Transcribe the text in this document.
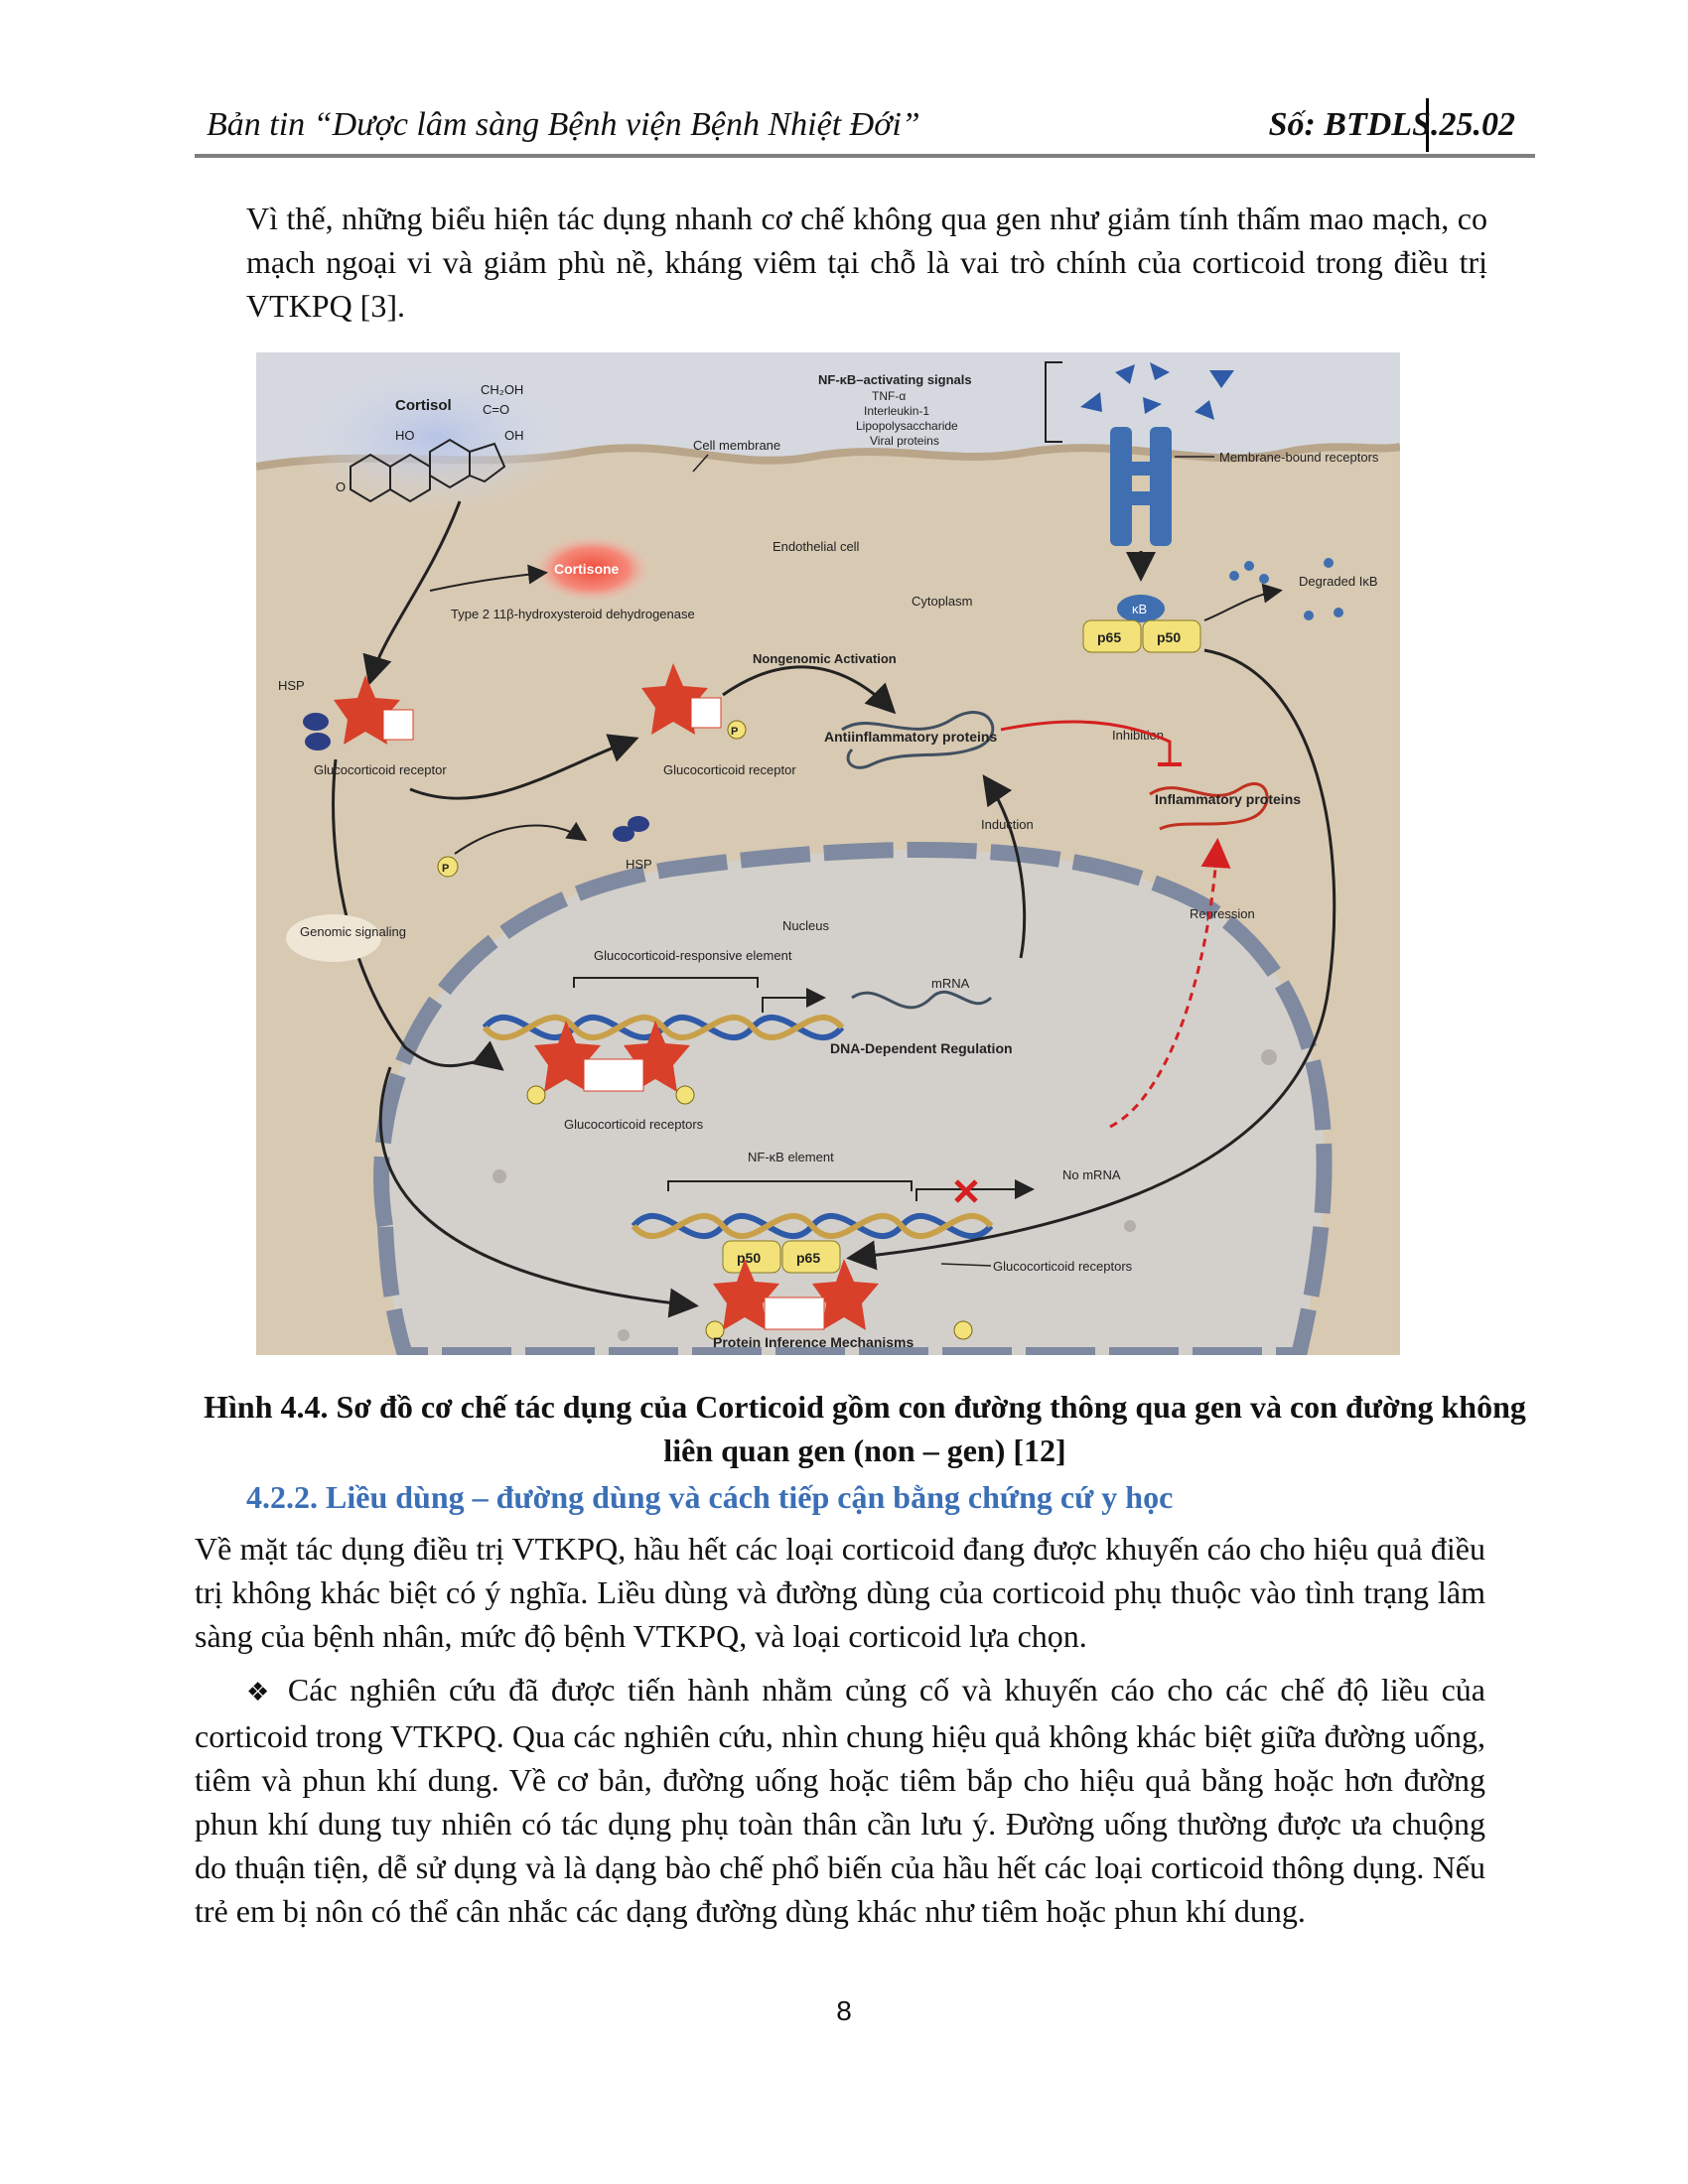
Bản tin “Dược lâm sàng Bệnh viện Bệnh Nhiệt Đới”	Số: BTDLS.25.02
Vì thế, những biểu hiện tác dụng nhanh cơ chế không qua gen như giảm tính thấm mao mạch, co mạch ngoại vi và giảm phù nề, kháng viêm tại chỗ là vai trò chính của corticoid trong điều trị VTKPQ [3].
Cortisol
CH₂OH
C=O
HO	OH
O
Cell membrane
Cortisone
Type 2 11β-hydroxysteroid dehydrogenase
Endothelial cell
Cytoplasm
NF-κB–activating signals
TNF-α
Interleukin-1
Lipopolysaccharide
Viral proteins
Membrane-bound receptors
κB
p65	p50
Degraded IκB
HSP
Glucocorticoid receptor
P
Glucocorticoid receptor
Nongenomic Activation
P	HSP
Antiinflammatory proteins	Inhibition
Inflammatory proteins
Induction
Repression
Genomic signaling	Nucleus
Glucocorticoid-responsive element
mRNA
DNA-Dependent Regulation
Glucocorticoid receptors
NF-κB element
No mRNA
p50	p65
Glucocorticoid receptors
Protein Inference Mechanisms
Hình 4.4. Sơ đồ cơ chế tác dụng của Corticoid gồm con đường thông qua gen và con đường không liên quan gen (non – gen) [12]
4.2.2. Liều dùng – đường dùng và cách tiếp cận bằng chứng cứ y học
Về mặt tác dụng điều trị VTKPQ, hầu hết các loại corticoid đang được khuyến cáo cho hiệu quả điều trị không khác biệt có ý nghĩa. Liều dùng và đường dùng của corticoid phụ thuộc vào tình trạng lâm sàng của bệnh nhân, mức độ bệnh VTKPQ, và loại corticoid lựa chọn.
❖ Các nghiên cứu đã được tiến hành nhằm củng cố và khuyến cáo cho các chế độ liều của corticoid trong VTKPQ. Qua các nghiên cứu, nhìn chung hiệu quả không khác biệt giữa đường uống, tiêm và phun khí dung. Về cơ bản, đường uống hoặc tiêm bắp cho hiệu quả bằng hoặc hơn đường phun khí dung tuy nhiên có tác dụng phụ toàn thân cần lưu ý. Đường uống thường được ưa chuộng do thuận tiện, dễ sử dụng và là dạng bào chế phổ biến của hầu hết các loại corticoid thông dụng. Nếu trẻ em bị nôn có thể cân nhắc các dạng đường dùng khác như tiêm hoặc phun khí dung.
8
